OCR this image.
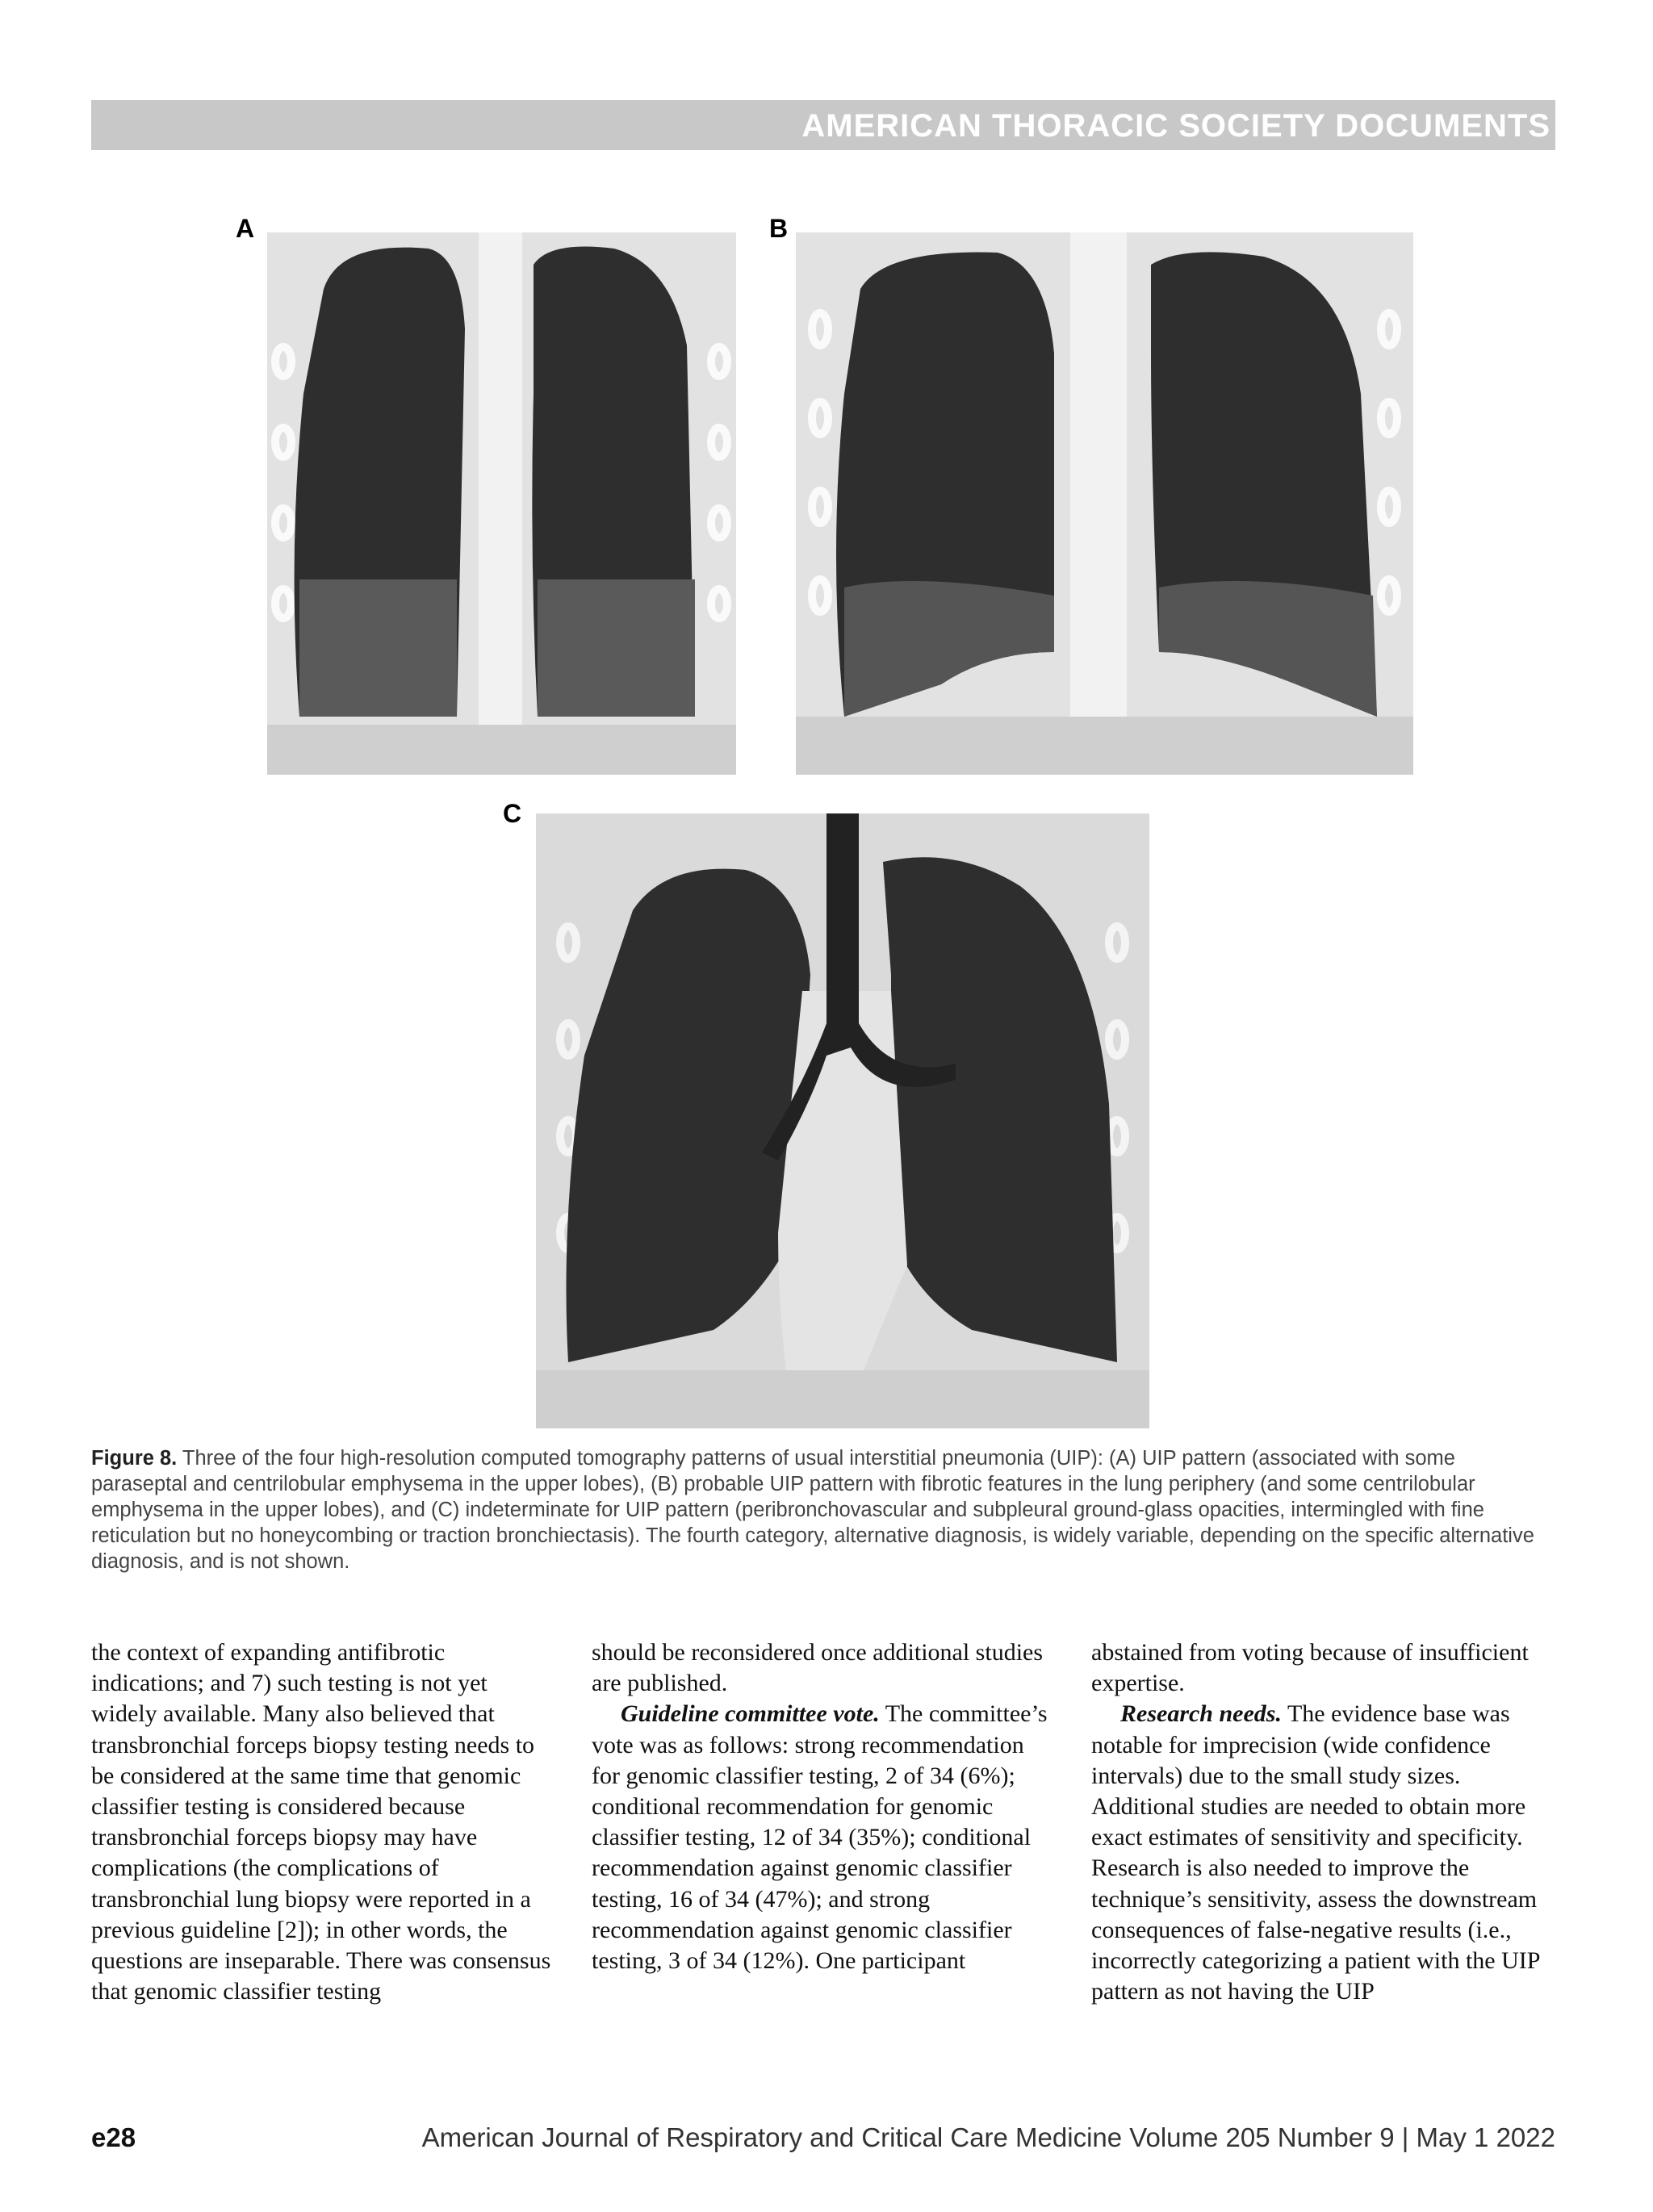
AMERICAN THORACIC SOCIETY DOCUMENTS
A	B
C
Figure 8. Three of the four high-resolution computed tomography patterns of usual interstitial pneumonia (UIP): (A) UIP pattern (associated with some paraseptal and centrilobular emphysema in the upper lobes), (B) probable UIP pattern with fibrotic features in the lung periphery (and some centrilobular emphysema in the upper lobes), and (C) indeterminate for UIP pattern (peribronchovascular and subpleural ground-glass opacities, intermingled with fine reticulation but no honeycombing or traction bronchiectasis). The fourth category, alternative diagnosis, is widely variable, depending on the specific alternative diagnosis, and is not shown.

the context of expanding antifibrotic indications; and 7) such testing is not yet widely available. Many also believed that transbronchial forceps biopsy testing needs to be considered at the same time that genomic classifier testing is considered because transbronchial forceps biopsy may have complications (the complications of transbronchial lung biopsy were reported in a previous guideline [2]); in other words, the questions are inseparable. There was consensus that genomic classifier testing

should be reconsidered once additional studies are published.

Guideline committee vote. The committee’s vote was as follows: strong recommendation for genomic classifier testing, 2 of 34 (6%); conditional recommendation for genomic classifier testing, 12 of 34 (35%); conditional recommendation against genomic classifier testing, 16 of 34 (47%); and strong recommendation against genomic classifier testing, 3 of 34 (12%). One participant

abstained from voting because of insufficient expertise.

Research needs. The evidence base was notable for imprecision (wide confidence intervals) due to the small study sizes. Additional studies are needed to obtain more exact estimates of sensitivity and specificity. Research is also needed to improve the technique’s sensitivity, assess the downstream consequences of false-negative results (i.e., incorrectly categorizing a patient with the UIP pattern as not having the UIP

e28	American Journal of Respiratory and Critical Care Medicine Volume 205 Number 9 | May 1 2022
